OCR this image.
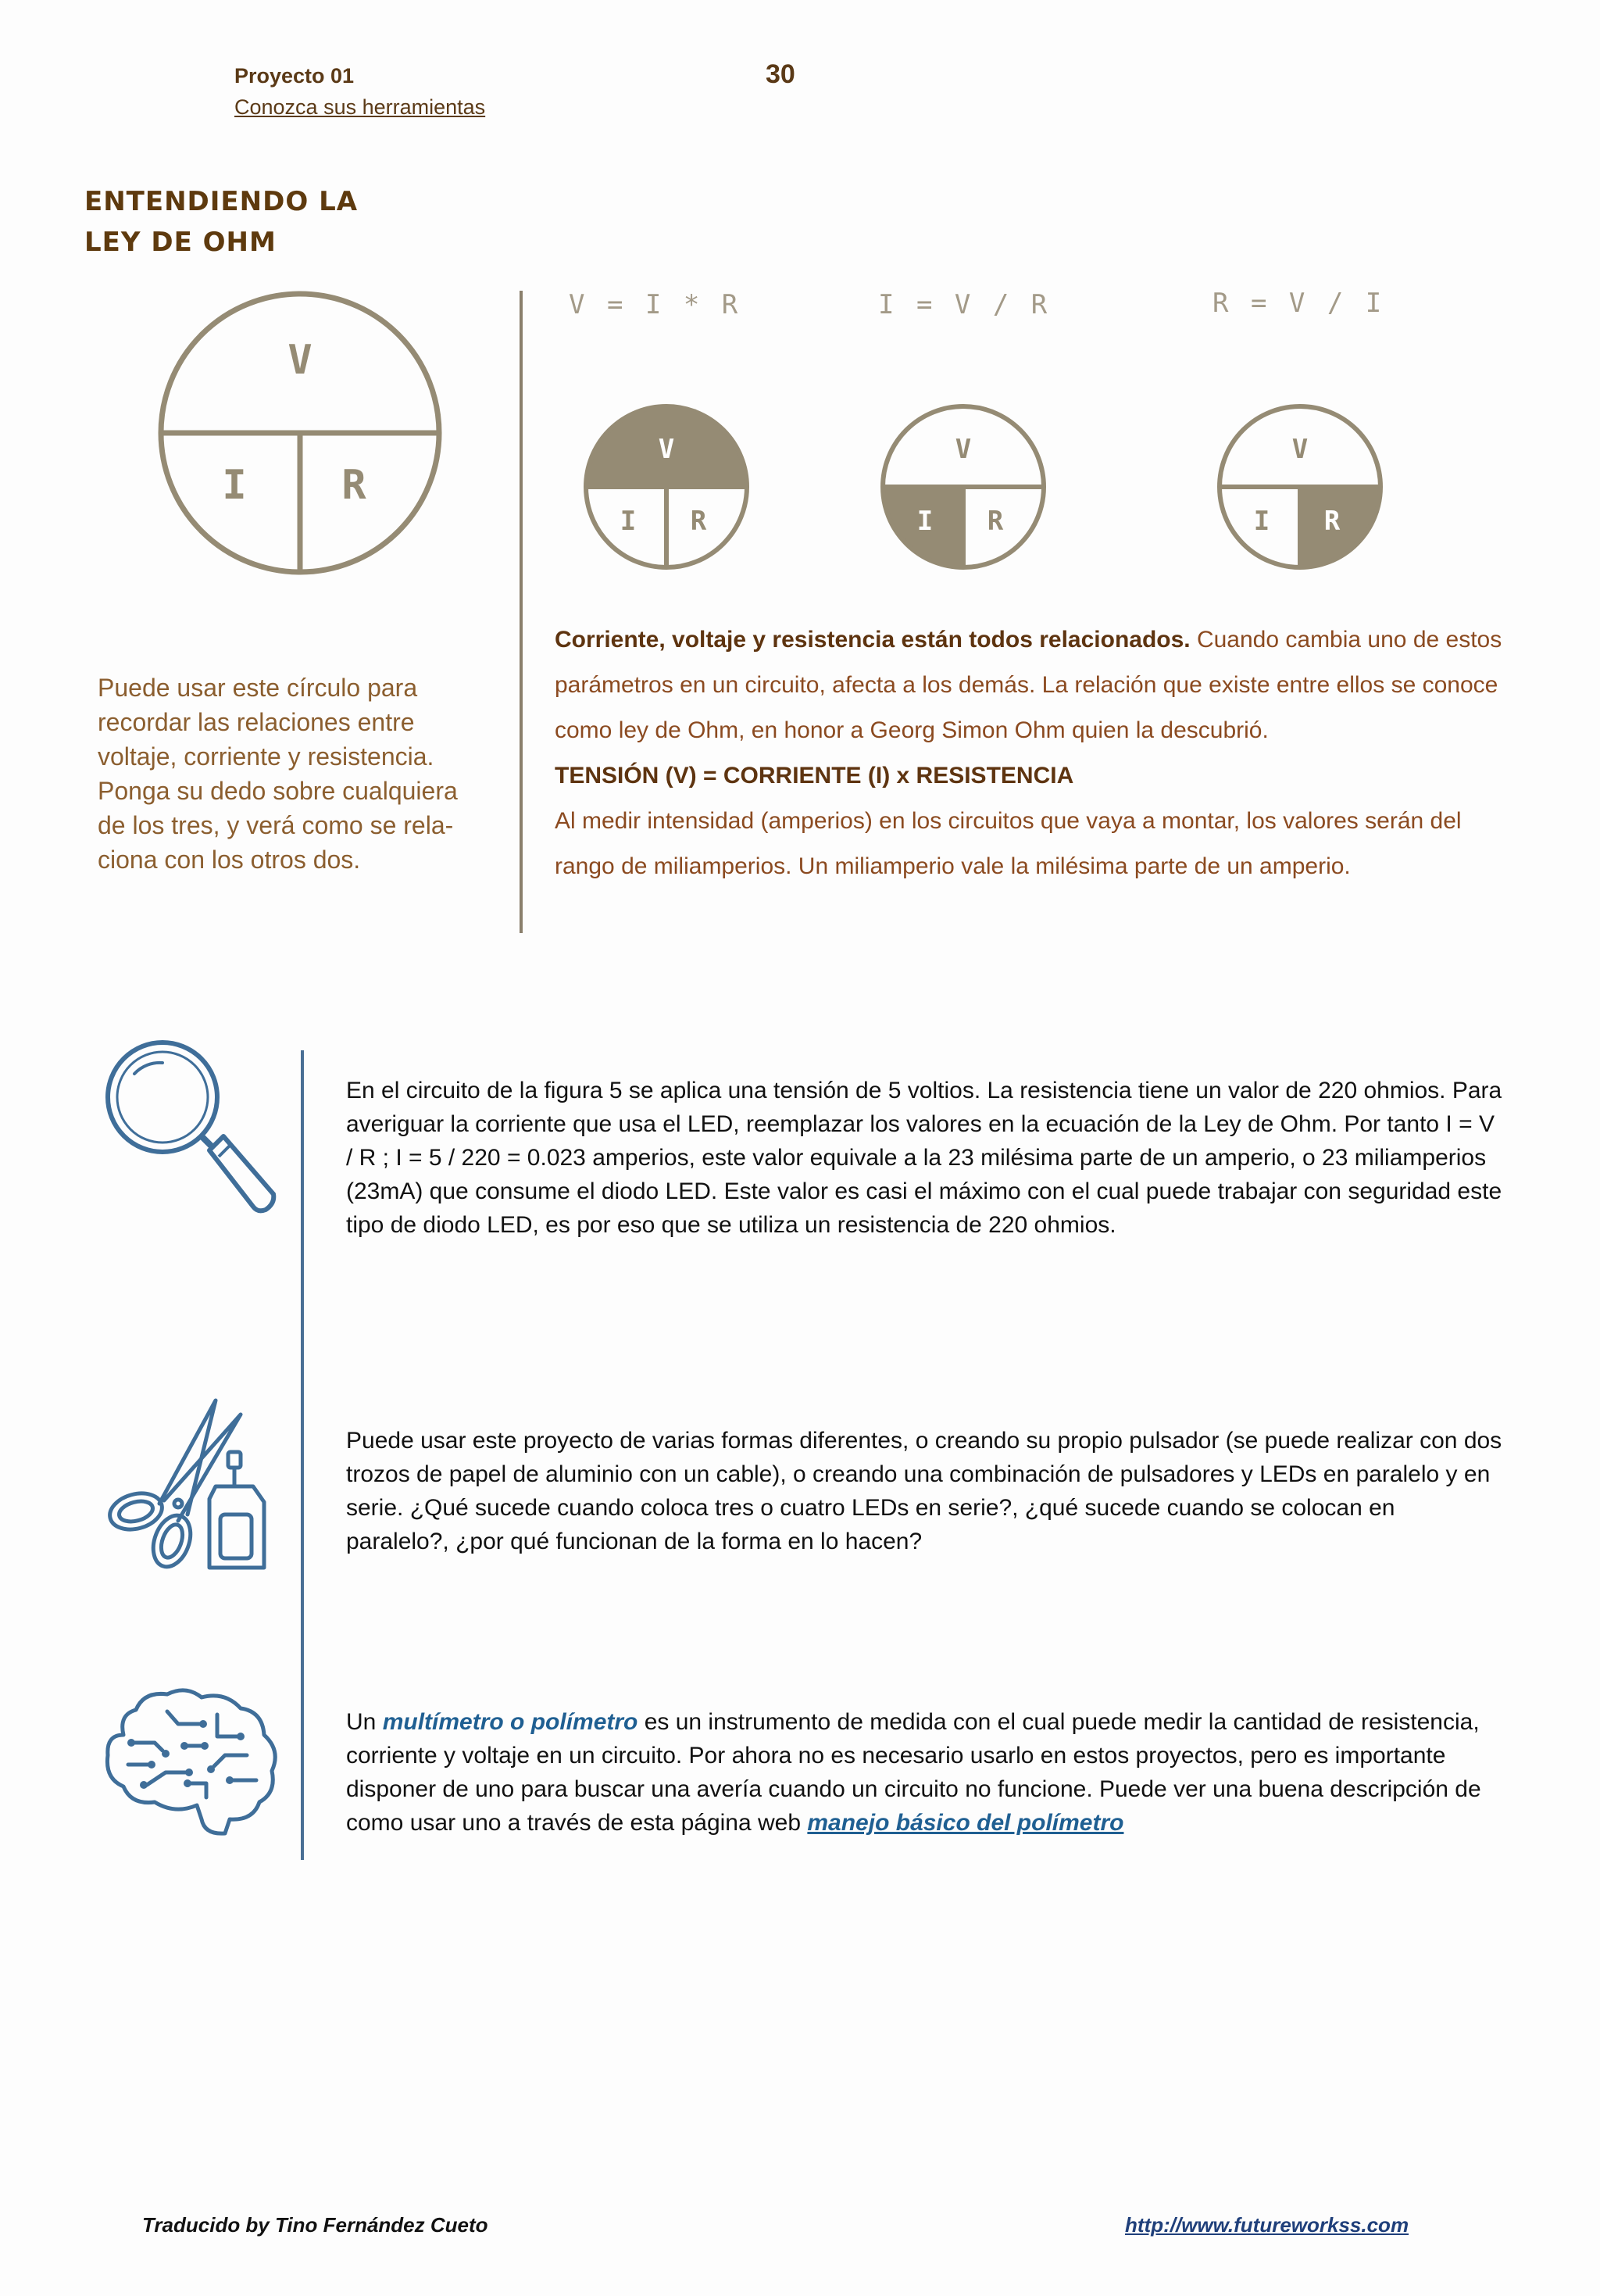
Proyecto 01
Conozca sus herramientas
30
ENTENDIENDO LA
LEY DE OHM
V
I R
Puede usar este círculo para
recordar las relaciones entre
voltaje, corriente y resistencia.
Ponga su dedo sobre cualquiera
de los tres, y verá como se rela-
ciona con los otros dos.
V = I * R	I = V / R	R = V / I
V
I R
V
I R
V
I R
Corriente, voltaje y resistencia están todos relacionados. Cuando cambia uno de estos parámetros en un circuito, afecta a los demás. La relación que existe entre ellos se conoce como ley de Ohm, en honor a Georg Simon Ohm quien la descubrió.
TENSIÓN (V) = CORRIENTE (I) x RESISTENCIA
Al medir intensidad (amperios) en los circuitos que vaya a montar, los valores serán del rango de miliamperios. Un miliamperio vale la milésima parte de un amperio.
En el circuito de la figura 5 se aplica una tensión de 5 voltios. La resistencia tiene un valor de 220 ohmios. Para averiguar la corriente que usa el LED, reemplazar los valores en la ecuación de la Ley de Ohm. Por tanto I = V / R ; I = 5 / 220 = 0.023 amperios, este valor equivale a la 23 milésima parte de un amperio, o 23 miliamperios (23mA) que consume el diodo LED. Este valor es casi el máximo con el cual puede trabajar con seguridad este tipo de diodo LED, es por eso que se utiliza un resistencia de 220 ohmios.
Puede usar este proyecto de varias formas diferentes, o creando su propio pulsador (se puede realizar con dos trozos de papel de aluminio con un cable), o creando una combinación de pulsadores y LEDs en paralelo y en serie. ¿Qué sucede cuando coloca tres o cuatro LEDs en serie?, ¿qué sucede cuando se colocan en paralelo?, ¿por qué funcionan de la forma en lo hacen?
Un multímetro o polímetro es un instrumento de medida con el cual puede medir la cantidad de resistencia, corriente y voltaje en un circuito. Por ahora no es necesario usarlo en estos proyectos, pero es importante disponer de uno para buscar una avería cuando un circuito no funcione. Puede ver una buena descripción de como usar uno a través de esta página web manejo básico del polímetro
Traducido by Tino Fernández Cueto	http://www.futureworkss.com
